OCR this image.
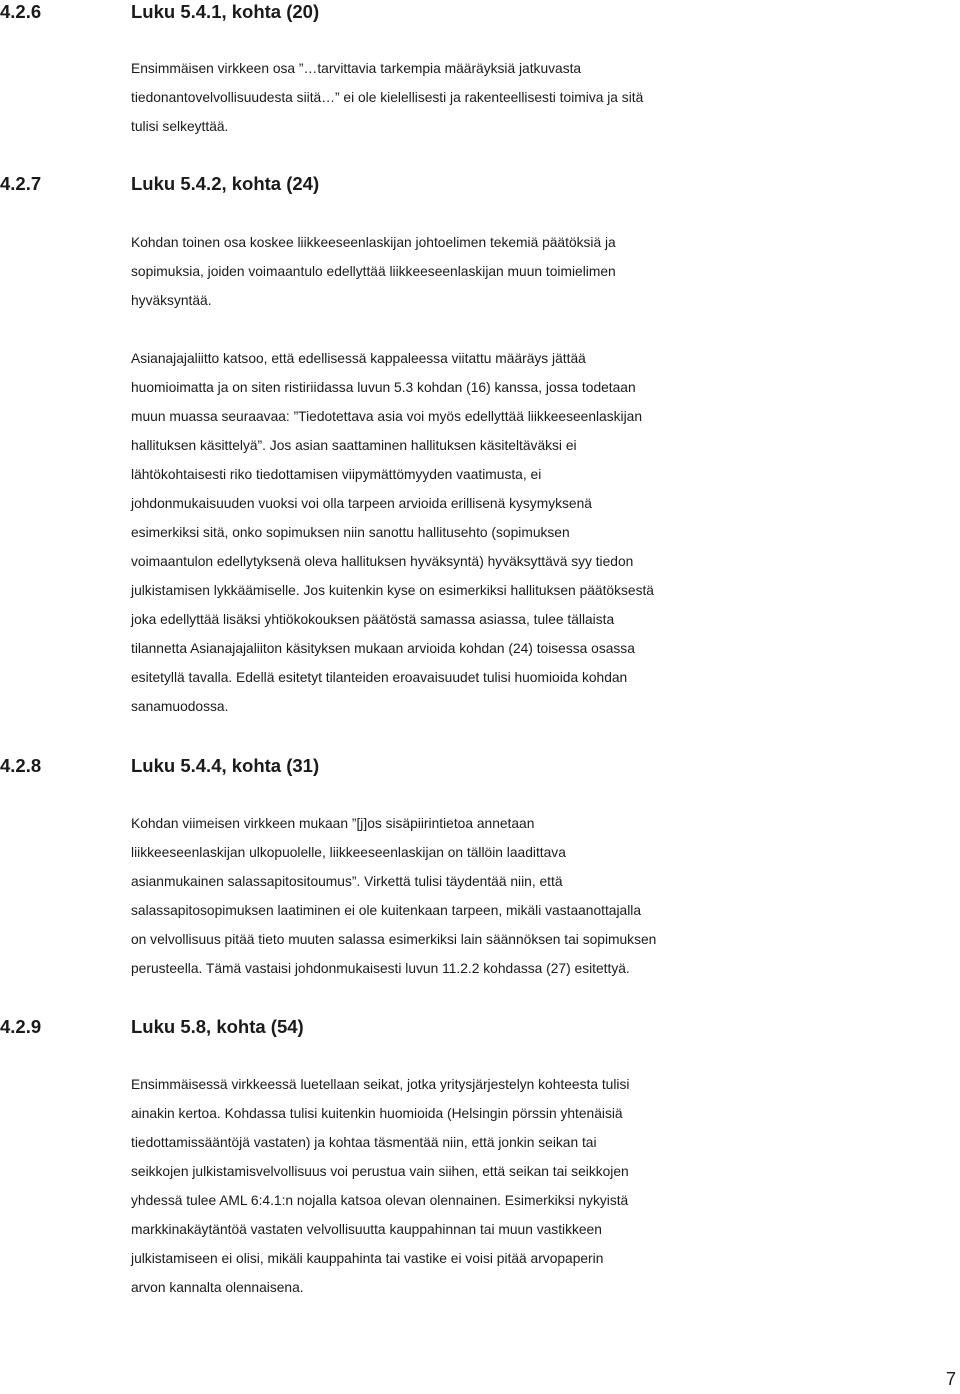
4.2.6	Luku 5.4.1, kohta (20)
Ensimmäisen virkkeen osa ”…tarvittavia tarkempia määräyksiä jatkuvasta
tiedonantovelvollisuudesta siitä…” ei ole kielellisesti ja rakenteellisesti toimiva ja sitä
tulisi selkeyttää.
4.2.7	Luku 5.4.2, kohta (24)
Kohdan toinen osa koskee liikkeeseenlaskijan johtoelimen tekemiä päätöksiä ja
sopimuksia, joiden voimaantulo edellyttää liikkeeseenlaskijan muun toimielimen
hyväksyntää.
Asianajajaliitto katsoo, että edellisessä kappaleessa viitattu määräys jättää
huomioimatta ja on siten ristiriidassa luvun 5.3 kohdan (16) kanssa, jossa todetaan
muun muassa seuraavaa: ”Tiedotettava asia voi myös edellyttää liikkeeseenlaskijan
hallituksen käsittelyä”. Jos asian saattaminen hallituksen käsiteltäväksi ei
lähtökohtaisesti riko tiedottamisen viipymättömyyden vaatimusta, ei
johdonmukaisuuden vuoksi voi olla tarpeen arvioida erillisenä kysymyksenä
esimerkiksi sitä, onko sopimuksen niin sanottu hallitusehto (sopimuksen
voimaantulon edellytyksenä oleva hallituksen hyväksyntä) hyväksyttävä syy tiedon
julkistamisen lykkäämiselle. Jos kuitenkin kyse on esimerkiksi hallituksen päätöksestä
joka edellyttää lisäksi yhtiökokouksen päätöstä samassa asiassa, tulee tällaista
tilannetta Asianajajaliiton käsityksen mukaan arvioida kohdan (24) toisessa osassa
esitetyllä tavalla. Edellä esitetyt tilanteiden eroavaisuudet tulisi huomioida kohdan
sanamuodossa.
4.2.8	Luku 5.4.4, kohta (31)
Kohdan viimeisen virkkeen mukaan ”[j]os sisäpiirintietoa annetaan
liikkeeseenlaskijan ulkopuolelle, liikkeeseenlaskijan on tällöin laadittava
asianmukainen salassapitositoumus”. Virkettä tulisi täydentää niin, että
salassapitosopimuksen laatiminen ei ole kuitenkaan tarpeen, mikäli vastaanottajalla
on velvollisuus pitää tieto muuten salassa esimerkiksi lain säännöksen tai sopimuksen
perusteella. Tämä vastaisi johdonmukaisesti luvun 11.2.2 kohdassa (27) esitettyä.
4.2.9	Luku 5.8, kohta (54)
Ensimmäisessä virkkeessä luetellaan seikat, jotka yritysjärjestelyn kohteesta tulisi
ainakin kertoa. Kohdassa tulisi kuitenkin huomioida (Helsingin pörssin yhtenäisiä
tiedottamissääntöjä vastaten) ja kohtaa täsmentää niin, että jonkin seikan tai
seikkojen julkistamisvelvollisuus voi perustua vain siihen, että seikan tai seikkojen
yhdessä tulee AML 6:4.1:n nojalla katsoa olevan olennainen. Esimerkiksi nykyistä
markkinakäytäntöä vastaten velvollisuutta kauppahinnan tai muun vastikkeen
julkistamiseen ei olisi, mikäli kauppahinta tai vastike ei voisi pitää arvopaperin
arvon kannalta olennaisena.
7
